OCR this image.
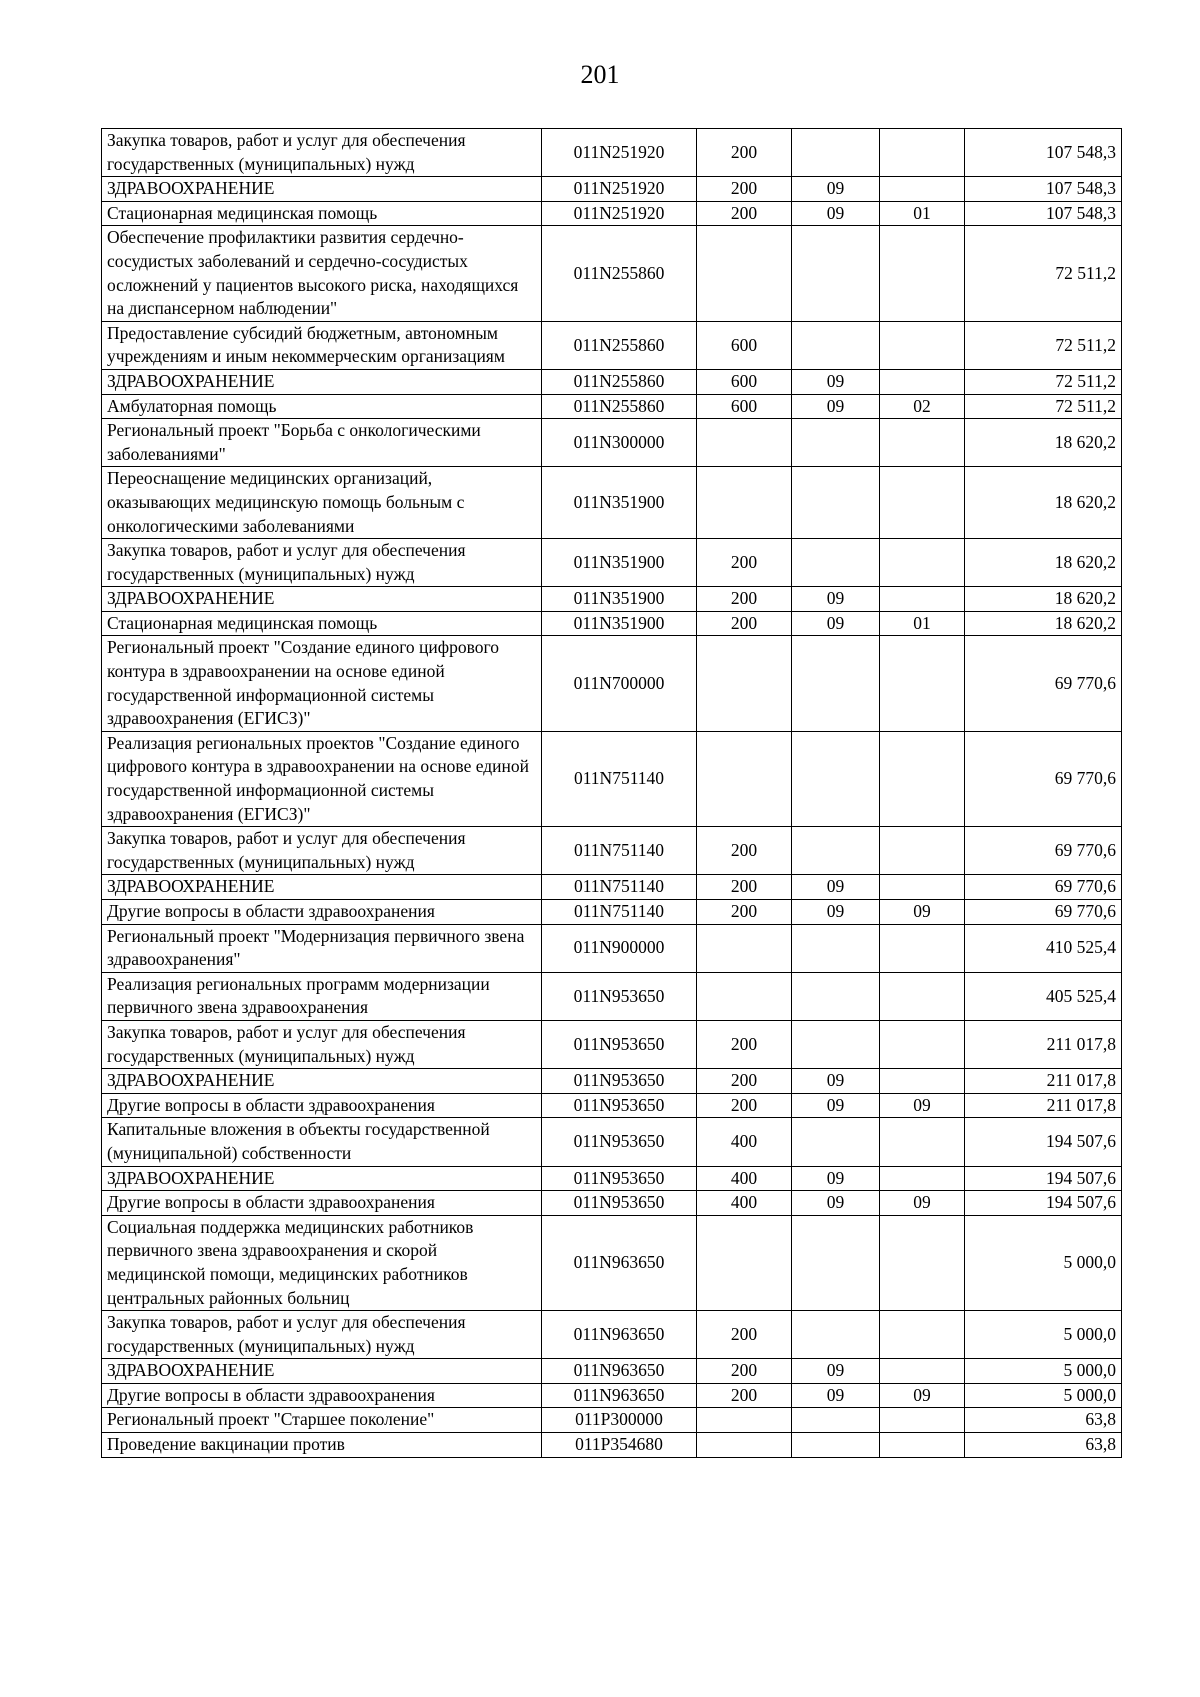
201
Закупка товаров, работ и услуг для обеспечения государственных (муниципальных) нужд	011N251920	200			107 548,3
ЗДРАВООХРАНЕНИЕ	011N251920	200	09		107 548,3
Стационарная медицинская помощь	011N251920	200	09	01	107 548,3
Обеспечение профилактики развития сердечно-сосудистых заболеваний и сердечно-сосудистых осложнений у пациентов высокого риска, находящихся на диспансерном наблюдении"	011N255860				72 511,2
Предоставление субсидий бюджетным, автономным учреждениям и иным некоммерческим организациям	011N255860	600			72 511,2
ЗДРАВООХРАНЕНИЕ	011N255860	600	09		72 511,2
Амбулаторная помощь	011N255860	600	09	02	72 511,2
Региональный проект "Борьба с онкологическими заболеваниями"	011N300000				18 620,2
Переоснащение медицинских организаций, оказывающих медицинскую помощь больным с онкологическими заболеваниями	011N351900				18 620,2
Закупка товаров, работ и услуг для обеспечения государственных (муниципальных) нужд	011N351900	200			18 620,2
ЗДРАВООХРАНЕНИЕ	011N351900	200	09		18 620,2
Стационарная медицинская помощь	011N351900	200	09	01	18 620,2
Региональный проект "Создание единого цифрового контура в здравоохранении на основе единой государственной информационной системы здравоохранения (ЕГИСЗ)"	011N700000				69 770,6
Реализация региональных проектов "Создание единого цифрового контура в здравоохранении на основе единой государственной информационной системы здравоохранения (ЕГИСЗ)"	011N751140				69 770,6
Закупка товаров, работ и услуг для обеспечения государственных (муниципальных) нужд	011N751140	200			69 770,6
ЗДРАВООХРАНЕНИЕ	011N751140	200	09		69 770,6
Другие вопросы в области здравоохранения	011N751140	200	09	09	69 770,6
Региональный проект "Модернизация первичного звена здравоохранения"	011N900000				410 525,4
Реализация региональных программ модернизации первичного звена здравоохранения	011N953650				405 525,4
Закупка товаров, работ и услуг для обеспечения государственных (муниципальных) нужд	011N953650	200			211 017,8
ЗДРАВООХРАНЕНИЕ	011N953650	200	09		211 017,8
Другие вопросы в области здравоохранения	011N953650	200	09	09	211 017,8
Капитальные вложения в объекты государственной (муниципальной) собственности	011N953650	400			194 507,6
ЗДРАВООХРАНЕНИЕ	011N953650	400	09		194 507,6
Другие вопросы в области здравоохранения	011N953650	400	09	09	194 507,6
Социальная поддержка медицинских работников первичного звена здравоохранения и скорой медицинской помощи, медицинских работников центральных районных больниц	011N963650				5 000,0
Закупка товаров, работ и услуг для обеспечения государственных (муниципальных) нужд	011N963650	200			5 000,0
ЗДРАВООХРАНЕНИЕ	011N963650	200	09		5 000,0
Другие вопросы в области здравоохранения	011N963650	200	09	09	5 000,0
Региональный проект "Старшее поколение"	011P300000				63,8
Проведение вакцинации против	011P354680				63,8
